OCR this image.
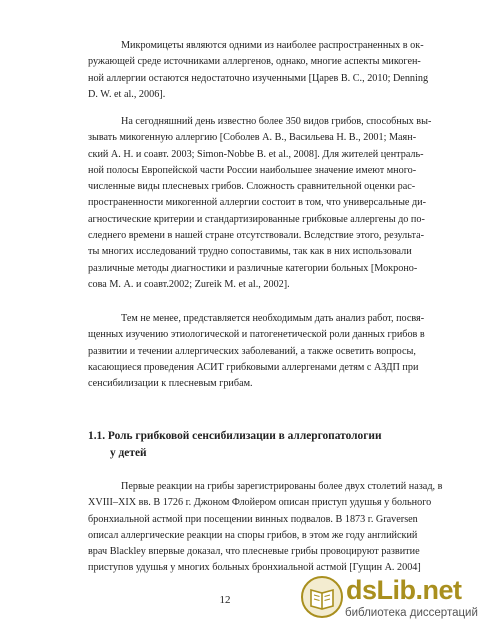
Микромицеты являются одними из наиболее распространенных в ок-
ружающей среде источниками аллергенов, однако, многие аспекты микоген-
ной аллергии остаются недостаточно изученными [Царев В. С., 2010; Denning
D. W. et al., 2006].

На сегодняшний день известно более 350 видов грибов, способных вы-
зывать микогенную аллергию [Соболев А. В., Васильева Н. В., 2001; Маян-
ский А. Н. и соавт. 2003; Simon-Nobbe B. et al., 2008]. Для жителей централь-
ной полосы Европейской части России наибольшее значение имеют много-
численные виды плесневых грибов. Сложность сравнительной оценки рас-
пространенности микогенной аллергии состоит в том, что универсальные ди-
агностические критерии и стандартизированные грибковые аллергены до по-
следнего времени в нашей стране отсутствовали. Вследствие этого, результа-
ты многих исследований трудно сопоставимы, так как в них использовали
различные методы диагностики и различные категории больных [Мокроно-
сова М. А. и соавт.2002; Zureik M. et al., 2002].

Тем не менее, представляется необходимым дать анализ работ, посвя-
щенных изучению этиологической и патогенетической роли данных грибов в
развитии и течении аллергических заболеваний, а также осветить вопросы,
касающиеся проведения АСИТ грибковыми аллергенами детям с АЗДП при
сенсибилизации к плесневым грибам.

1.1. Роль грибковой сенсибилизации в аллергопатологии
у детей

Первые реакции на грибы зарегистрированы более двух столетий назад, в
XVIII–XIX вв. В 1726 г. Джоном Флойером описан приступ удушья у больного
бронхиальной астмой при посещении винных подвалов. В 1873 г. Graversen
описал аллергические реакции на споры грибов, в этом же году английский
врач Blackley впервые доказал, что плесневые грибы провоцируют развитие
приступов удушья у многих больных бронхиальной астмой [Гущин А. 2004]

12	dsLib.net
библиотека диссертаций
